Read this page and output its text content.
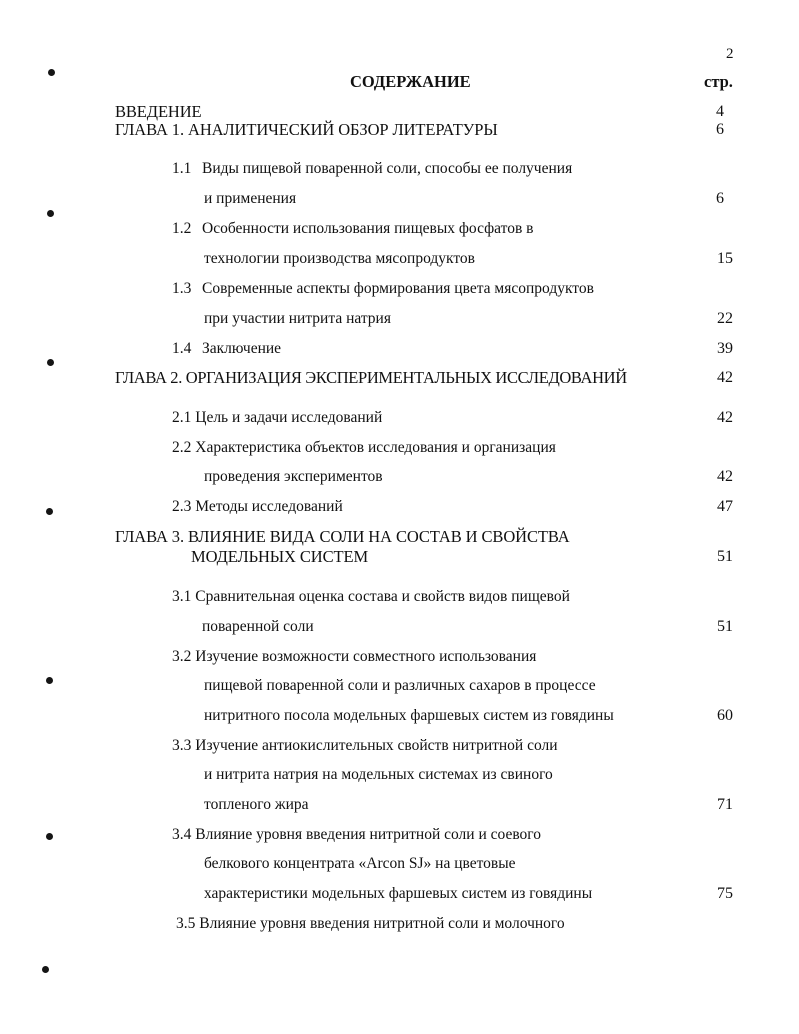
2
СОДЕРЖАНИЕ	стр.
ВВЕДЕНИЕ	4
ГЛАВА 1. АНАЛИТИЧЕСКИЙ ОБЗОР ЛИТЕРАТУРЫ	6
1.1 Виды пищевой поваренной соли, способы ее получения
и применения	6
1.2 Особенности использования пищевых фосфатов в
технологии производства мясопродуктов	15
1.3 Современные аспекты формирования цвета мясопродуктов
при участии нитрита натрия	22
1.4 Заключение	39
ГЛАВА 2. ОРГАНИЗАЦИЯ ЭКСПЕРИМЕНТАЛЬНЫХ ИССЛЕДОВАНИЙ	42
2.1 Цель и задачи исследований	42
2.2 Характеристика объектов исследования и организация
проведения экспериментов	42
2.3 Методы исследований	47
ГЛАВА 3. ВЛИЯНИЕ ВИДА СОЛИ НА СОСТАВ И СВОЙСТВА
МОДЕЛЬНЫХ СИСТЕМ	51
3.1 Сравнительная оценка состава и свойств видов пищевой
поваренной соли	51
3.2 Изучение возможности совместного использования
пищевой поваренной соли и различных сахаров в процессе
нитритного посола модельных фаршевых систем из говядины	60
3.3 Изучение антиокислительных свойств нитритной соли
и нитрита натрия на модельных системах из свиного
топленого жира	71
3.4 Влияние уровня введения нитритной соли и соевого
белкового концентрата «Arcon SJ» на цветовые
характеристики модельных фаршевых систем из говядины	75
3.5 Влияние уровня введения нитритной соли и молочного
